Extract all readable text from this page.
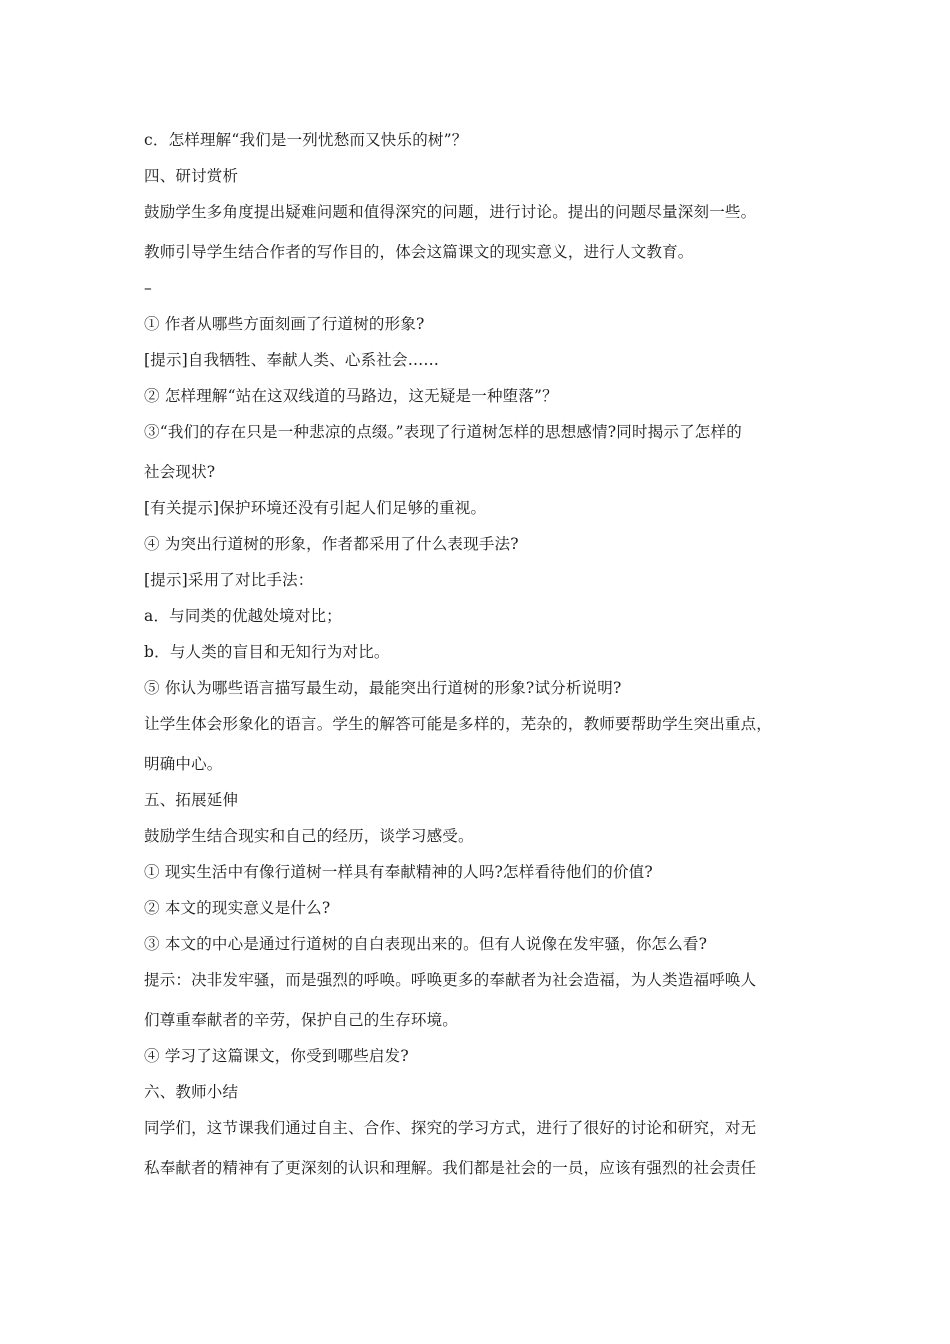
c．怎样理解“我们是一列忧愁而又快乐的树”？
四、研讨赏析
鼓励学生多角度提出疑难问题和值得深究的问题，进行讨论。提出的问题尽量深刻一些。
教师引导学生结合作者的写作目的，体会这篇课文的现实意义，进行人文教育。
–
① 作者从哪些方面刻画了行道树的形象?
[提示]自我牺牲、奉献人类、心系社会……
② 怎样理解“站在这双线道的马路边，这无疑是一种堕落”？
③“我们的存在只是一种悲凉的点缀。”表现了行道树怎样的思想感情?同时揭示了怎样的
社会现状?
[有关提示]保护环境还没有引起人们足够的重视。
④ 为突出行道树的形象，作者都采用了什么表现手法?
[提示]采用了对比手法：
a．与同类的优越处境对比；
b．与人类的盲目和无知行为对比。
⑤ 你认为哪些语言描写最生动，最能突出行道树的形象?试分析说明?
让学生体会形象化的语言。学生的解答可能是多样的，芜杂的，教师要帮助学生突出重点，
明确中心。
五、拓展延伸
鼓励学生结合现实和自己的经历，谈学习感受。
① 现实生活中有像行道树一样具有奉献精神的人吗?怎样看待他们的价值?
② 本文的现实意义是什么?
③ 本文的中心是通过行道树的自白表现出来的。但有人说像在发牢骚，你怎么看?
提示：决非发牢骚，而是强烈的呼唤。呼唤更多的奉献者为社会造福，为人类造福呼唤人
们尊重奉献者的辛劳，保护自己的生存环境。
④ 学习了这篇课文，你受到哪些启发?
六、教师小结
同学们，这节课我们通过自主、合作、探究的学习方式，进行了很好的讨论和研究，对无
私奉献者的精神有了更深刻的认识和理解。我们都是社会的一员，应该有强烈的社会责任
